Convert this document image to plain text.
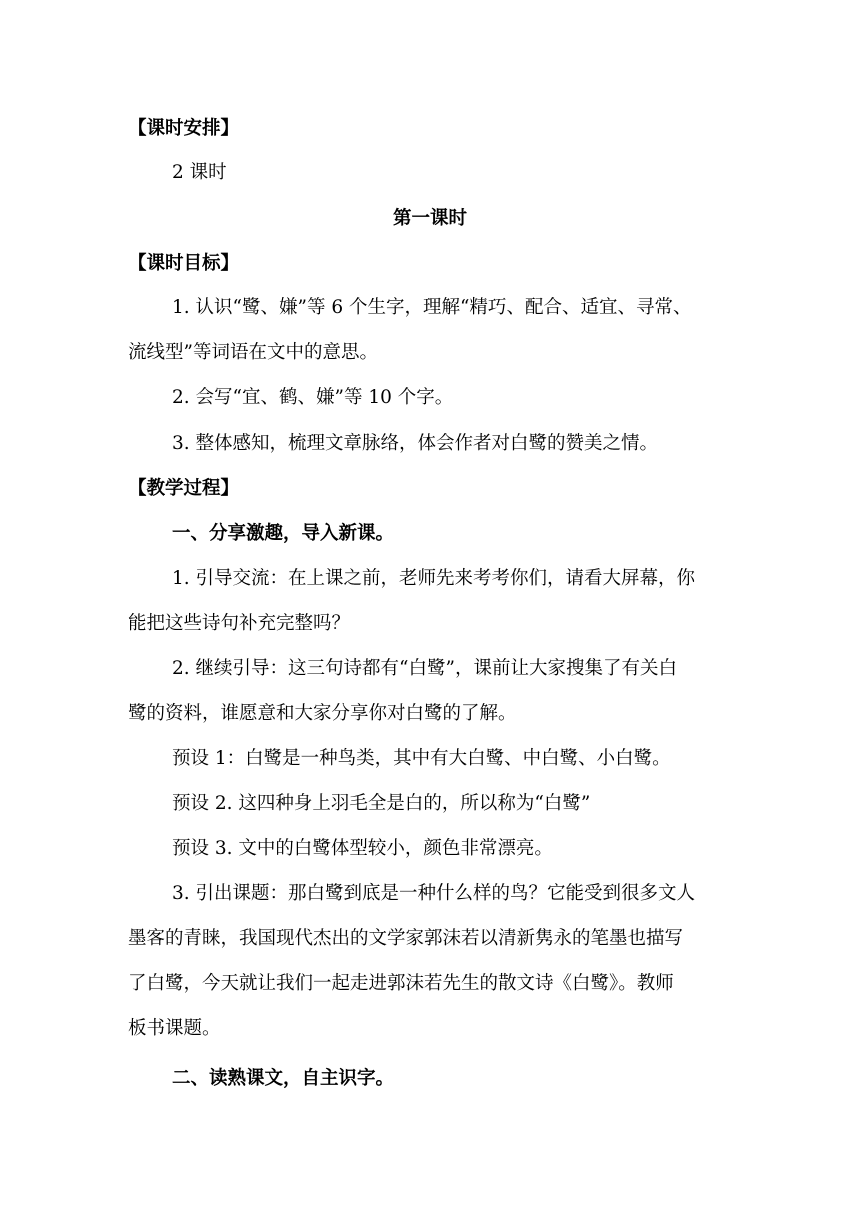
【课时安排】
2 课时
第一课时
【课时目标】
1. 认识“鹭、嫌”等 6 个生字，理解“精巧、配合、适宜、寻常、
流线型”等词语在文中的意思。
2. 会写“宜、鹤、嫌”等 10 个字。
3. 整体感知，梳理文章脉络，体会作者对白鹭的赞美之情。
【教学过程】
一、分享激趣，导入新课。
1. 引导交流：在上课之前，老师先来考考你们，请看大屏幕，你
能把这些诗句补充完整吗？
2. 继续引导：这三句诗都有“白鹭”，课前让大家搜集了有关白
鹭的资料，谁愿意和大家分享你对白鹭的了解。
预设 1：白鹭是一种鸟类，其中有大白鹭、中白鹭、小白鹭。
预设 2. 这四种身上羽毛全是白的，所以称为“白鹭”
预设 3. 文中的白鹭体型较小，颜色非常漂亮。
3. 引出课题：那白鹭到底是一种什么样的鸟？它能受到很多文人
墨客的青睐，我国现代杰出的文学家郭沫若以清新隽永的笔墨也描写
了白鹭，今天就让我们一起走进郭沫若先生的散文诗《白鹭》。教师
板书课题。
二、读熟课文，自主识字。
